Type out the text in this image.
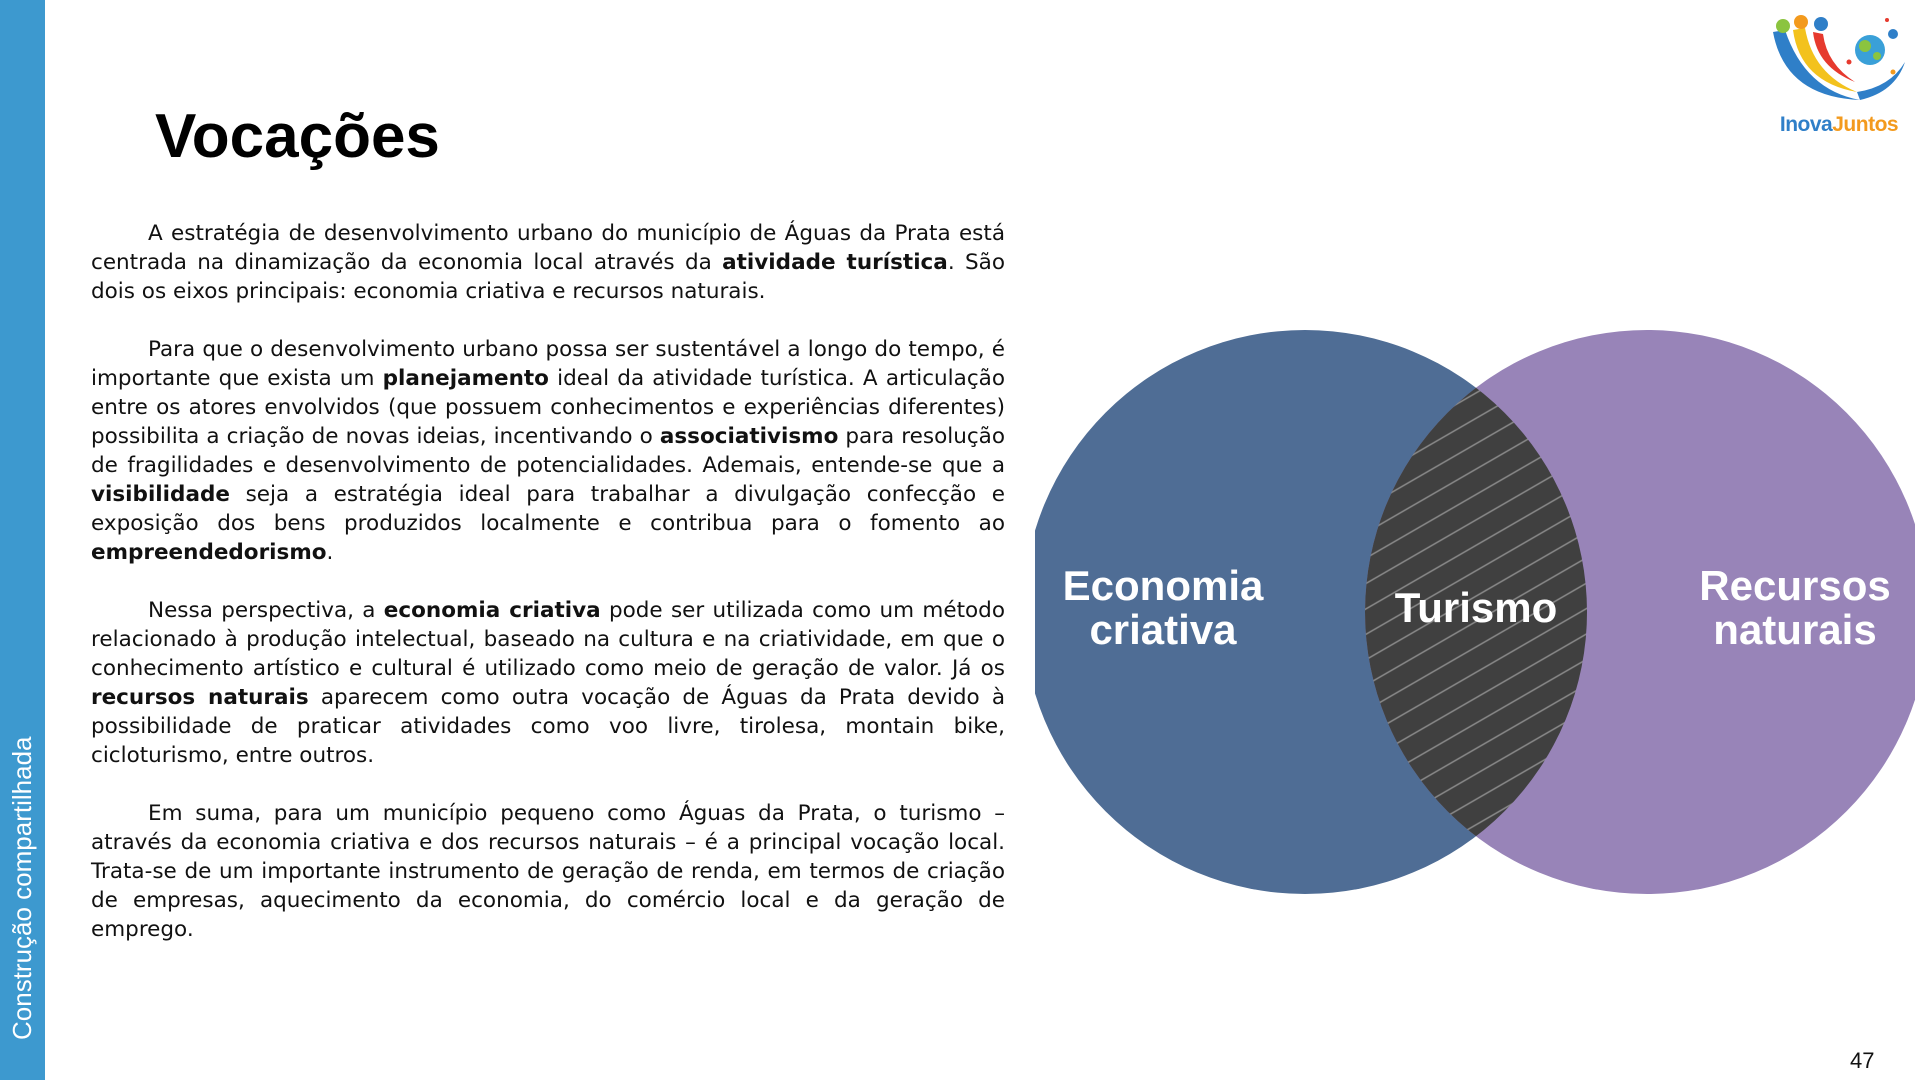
Construção compartilhada
Vocações	InovaJuntos

A estratégia de desenvolvimento urbano do município de Águas da Prata está centrada na dinamização da economia local através da atividade turística. São dois os eixos principais: economia criativa e recursos naturais.

Para que o desenvolvimento urbano possa ser sustentável a longo do tempo, é importante que exista um planejamento ideal da atividade turística. A articulação entre os atores envolvidos (que possuem conhecimentos e experiências diferentes) possibilita a criação de novas ideias, incentivando o associativismo para resolução de fragilidades e desenvolvimento de potencialidades. Ademais, entende-se que a visibilidade seja a estratégia ideal para trabalhar a divulgação confecção e exposição dos bens produzidos localmente e contribua para o fomento ao empreendedorismo.

Nessa perspectiva, a economia criativa pode ser utilizada como um método relacionado à produção intelectual, baseado na cultura e na criatividade, em que o conhecimento artístico e cultural é utilizado como meio de geração de valor. Já os recursos naturais aparecem como outra vocação de Águas da Prata devido à possibilidade de praticar atividades como voo livre, tirolesa, montain bike, cicloturismo, entre outros.

Em suma, para um município pequeno como Águas da Prata, o turismo – através da economia criativa e dos recursos naturais – é a principal vocação local. Trata-se de um importante instrumento de geração de renda, em termos de criação de empresas, aquecimento da economia, do comércio local e da geração de emprego.

Economia
criativa	Turismo	Recursos
naturais
47
